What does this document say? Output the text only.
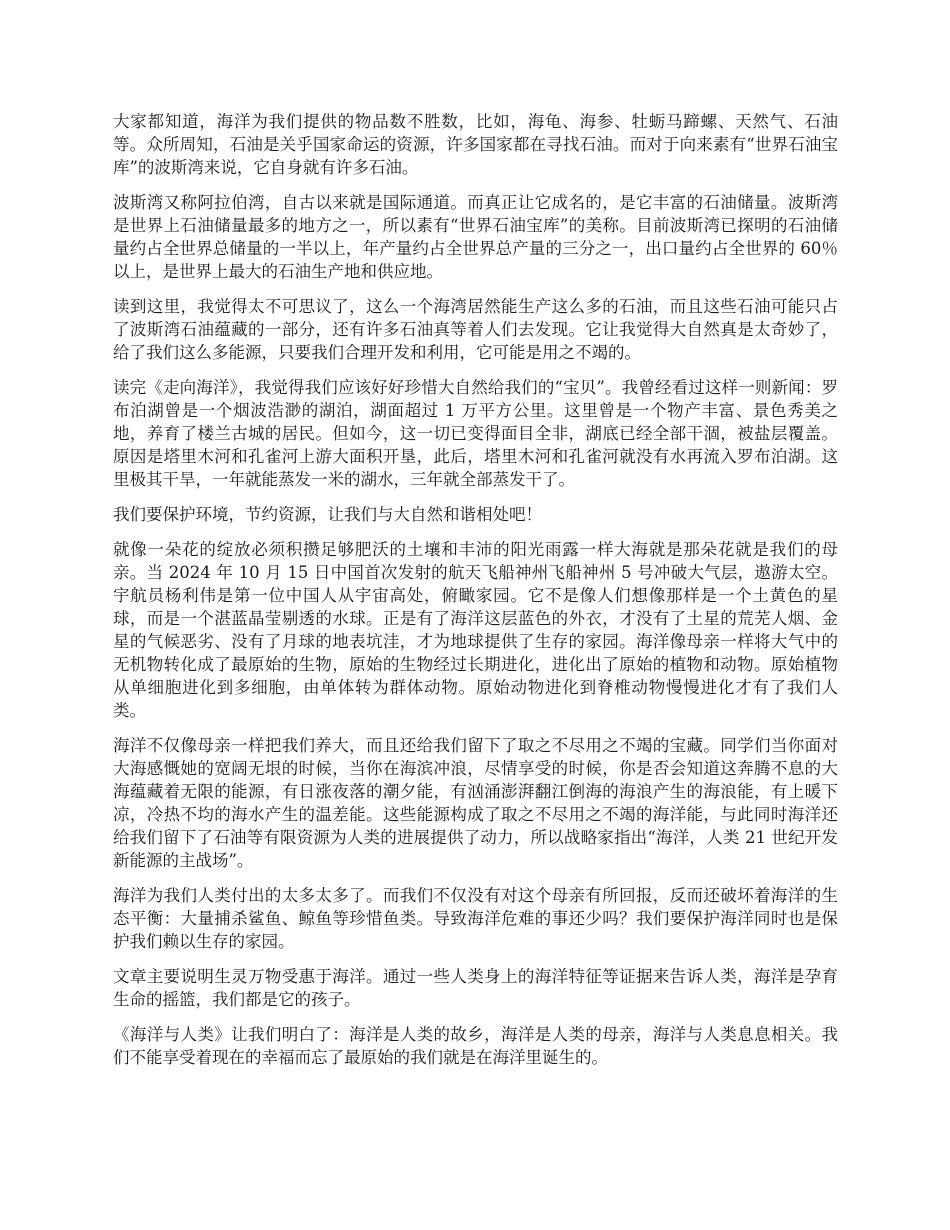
大家都知道，海洋为我们提供的物品数不胜数，比如，海龟、海参、牡蛎马蹄螺、天然气、石油等。众所周知，石油是关乎国家命运的资源，许多国家都在寻找石油。而对于向来素有“世界石油宝库”的波斯湾来说，它自身就有许多石油。

波斯湾又称阿拉伯湾，自古以来就是国际通道。而真正让它成名的，是它丰富的石油储量。波斯湾是世界上石油储量最多的地方之一，所以素有“世界石油宝库”的美称。目前波斯湾已探明的石油储量约占全世界总储量的一半以上，年产量约占全世界总产量的三分之一，出口量约占全世界的 60％以上，是世界上最大的石油生产地和供应地。

读到这里，我觉得太不可思议了，这么一个海湾居然能生产这么多的石油，而且这些石油可能只占了波斯湾石油蕴藏的一部分，还有许多石油真等着人们去发现。它让我觉得大自然真是太奇妙了，给了我们这么多能源，只要我们合理开发和利用，它可能是用之不竭的。

读完《走向海洋》，我觉得我们应该好好珍惜大自然给我们的“宝贝”。我曾经看过这样一则新闻：罗布泊湖曾是一个烟波浩渺的湖泊，湖面超过 1 万平方公里。这里曾是一个物产丰富、景色秀美之地，养育了楼兰古城的居民。但如今，这一切已变得面目全非，湖底已经全部干涸，被盐层覆盖。原因是塔里木河和孔雀河上游大面积开垦，此后，塔里木河和孔雀河就没有水再流入罗布泊湖。这里极其干旱，一年就能蒸发一米的湖水，三年就全部蒸发干了。

我们要保护环境，节约资源，让我们与大自然和谐相处吧！

就像一朵花的绽放必须积攒足够肥沃的土壤和丰沛的阳光雨露一样大海就是那朵花就是我们的母亲。当 2024 年 10 月 15 日中国首次发射的航天飞船神州飞船神州 5 号冲破大气层，遨游太空。宇航员杨利伟是第一位中国人从宇宙高处，俯瞰家园。它不是像人们想像那样是一个土黄色的星球，而是一个湛蓝晶莹剔透的水球。正是有了海洋这层蓝色的外衣，才没有了土星的荒芜人烟、金星的气候恶劣、没有了月球的地表坑洼，才为地球提供了生存的家园。海洋像母亲一样将大气中的无机物转化成了最原始的生物，原始的生物经过长期进化，进化出了原始的植物和动物。原始植物从单细胞进化到多细胞，由单体转为群体动物。原始动物进化到脊椎动物慢慢进化才有了我们人类。

海洋不仅像母亲一样把我们养大，而且还给我们留下了取之不尽用之不竭的宝藏。同学们当你面对大海感慨她的宽阔无垠的时候，当你在海滨冲浪，尽情享受的时候，你是否会知道这奔腾不息的大海蕴藏着无限的能源，有日涨夜落的潮夕能，有汹涌澎湃翻江倒海的海浪产生的海浪能，有上暖下凉，冷热不均的海水产生的温差能。这些能源构成了取之不尽用之不竭的海洋能，与此同时海洋还给我们留下了石油等有限资源为人类的进展提供了动力，所以战略家指出“海洋，人类 21 世纪开发新能源的主战场”。

海洋为我们人类付出的太多太多了。而我们不仅没有对这个母亲有所回报，反而还破坏着海洋的生态平衡：大量捕杀鲨鱼、鲸鱼等珍惜鱼类。导致海洋危难的事还少吗？我们要保护海洋同时也是保护我们赖以生存的家园。

文章主要说明生灵万物受惠于海洋。通过一些人类身上的海洋特征等证据来告诉人类，海洋是孕育生命的摇篮，我们都是它的孩子。

《海洋与人类》让我们明白了：海洋是人类的故乡，海洋是人类的母亲，海洋与人类息息相关。我们不能享受着现在的幸福而忘了最原始的我们就是在海洋里诞生的。
